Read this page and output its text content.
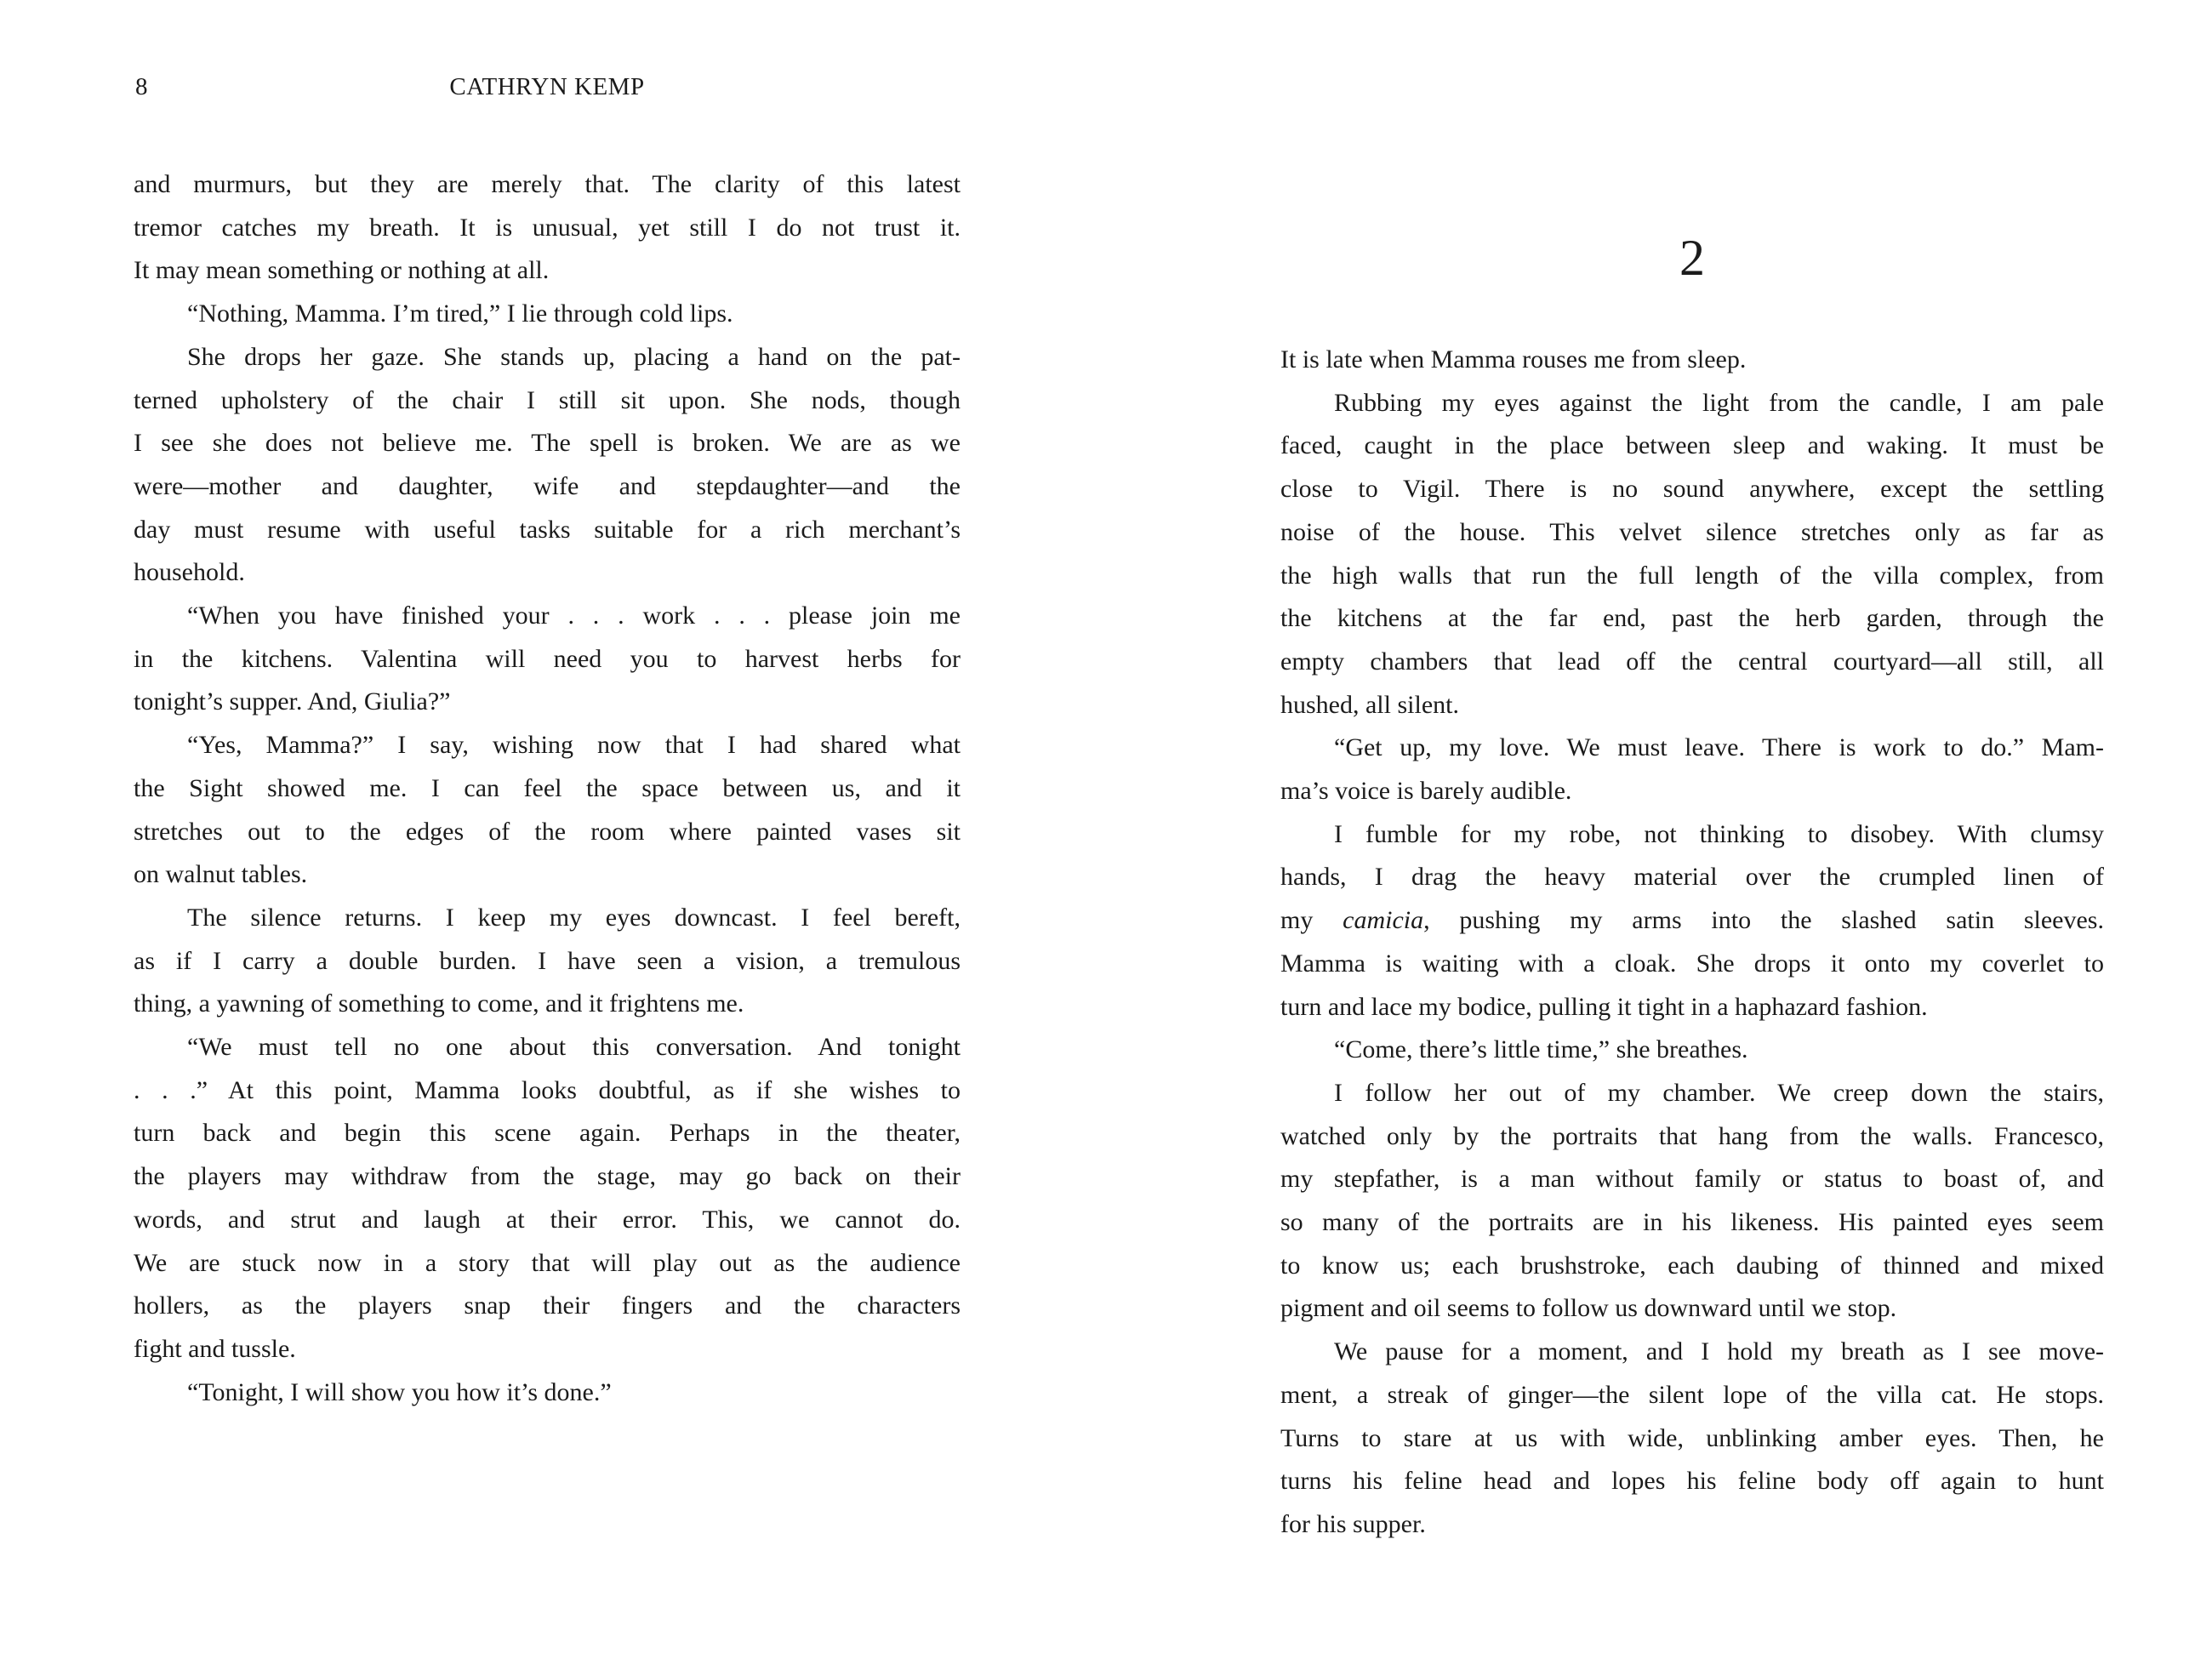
8	CATHRYN KEMP
and murmurs, but they are merely that. The clarity of this latest
tremor catches my breath. It is unusual, yet still I do not trust it.
It may mean something or nothing at all.
“Nothing, Mamma. I’m tired,” I lie through cold lips.
She drops her gaze. She stands up, placing a hand on the pat-
terned upholstery of the chair I still sit upon. She nods, though
I see she does not believe me. The spell is broken. We are as we
were—mother and daughter, wife and stepdaughter—and the
day must resume with useful tasks suitable for a rich merchant’s
household.
“When you have finished your . . . work . . . please join me
in the kitchens. Valentina will need you to harvest herbs for
tonight’s supper. And, Giulia?”
“Yes, Mamma?” I say, wishing now that I had shared what
the Sight showed me. I can feel the space between us, and it
stretches out to the edges of the room where painted vases sit
on walnut tables.
The silence returns. I keep my eyes downcast. I feel bereft,
as if I carry a double burden. I have seen a vision, a tremulous
thing, a yawning of something to come, and it frightens me.
“We must tell no one about this conversation. And tonight
. . .” At this point, Mamma looks doubtful, as if she wishes to
turn back and begin this scene again. Perhaps in the theater,
the players may withdraw from the stage, may go back on their
words, and strut and laugh at their error. This, we cannot do.
We are stuck now in a story that will play out as the audience
hollers, as the players snap their fingers and the characters
fight and tussle.
“Tonight, I will show you how it’s done.”
2
It is late when Mamma rouses me from sleep.
Rubbing my eyes against the light from the candle, I am pale
faced, caught in the place between sleep and waking. It must be
close to Vigil. There is no sound anywhere, except the settling
noise of the house. This velvet silence stretches only as far as
the high walls that run the full length of the villa complex, from
the kitchens at the far end, past the herb garden, through the
empty chambers that lead off the central courtyard—all still, all
hushed, all silent.
“Get up, my love. We must leave. There is work to do.” Mam-
ma’s voice is barely audible.
I fumble for my robe, not thinking to disobey. With clumsy
hands, I drag the heavy material over the crumpled linen of
my camicia, pushing my arms into the slashed satin sleeves.
Mamma is waiting with a cloak. She drops it onto my coverlet to
turn and lace my bodice, pulling it tight in a haphazard fashion.
“Come, there’s little time,” she breathes.
I follow her out of my chamber. We creep down the stairs,
watched only by the portraits that hang from the walls. Francesco,
my stepfather, is a man without family or status to boast of, and
so many of the portraits are in his likeness. His painted eyes seem
to know us; each brushstroke, each daubing of thinned and mixed
pigment and oil seems to follow us downward until we stop.
We pause for a moment, and I hold my breath as I see move-
ment, a streak of ginger—the silent lope of the villa cat. He stops.
Turns to stare at us with wide, unblinking amber eyes. Then, he
turns his feline head and lopes his feline body off again to hunt
for his supper.
